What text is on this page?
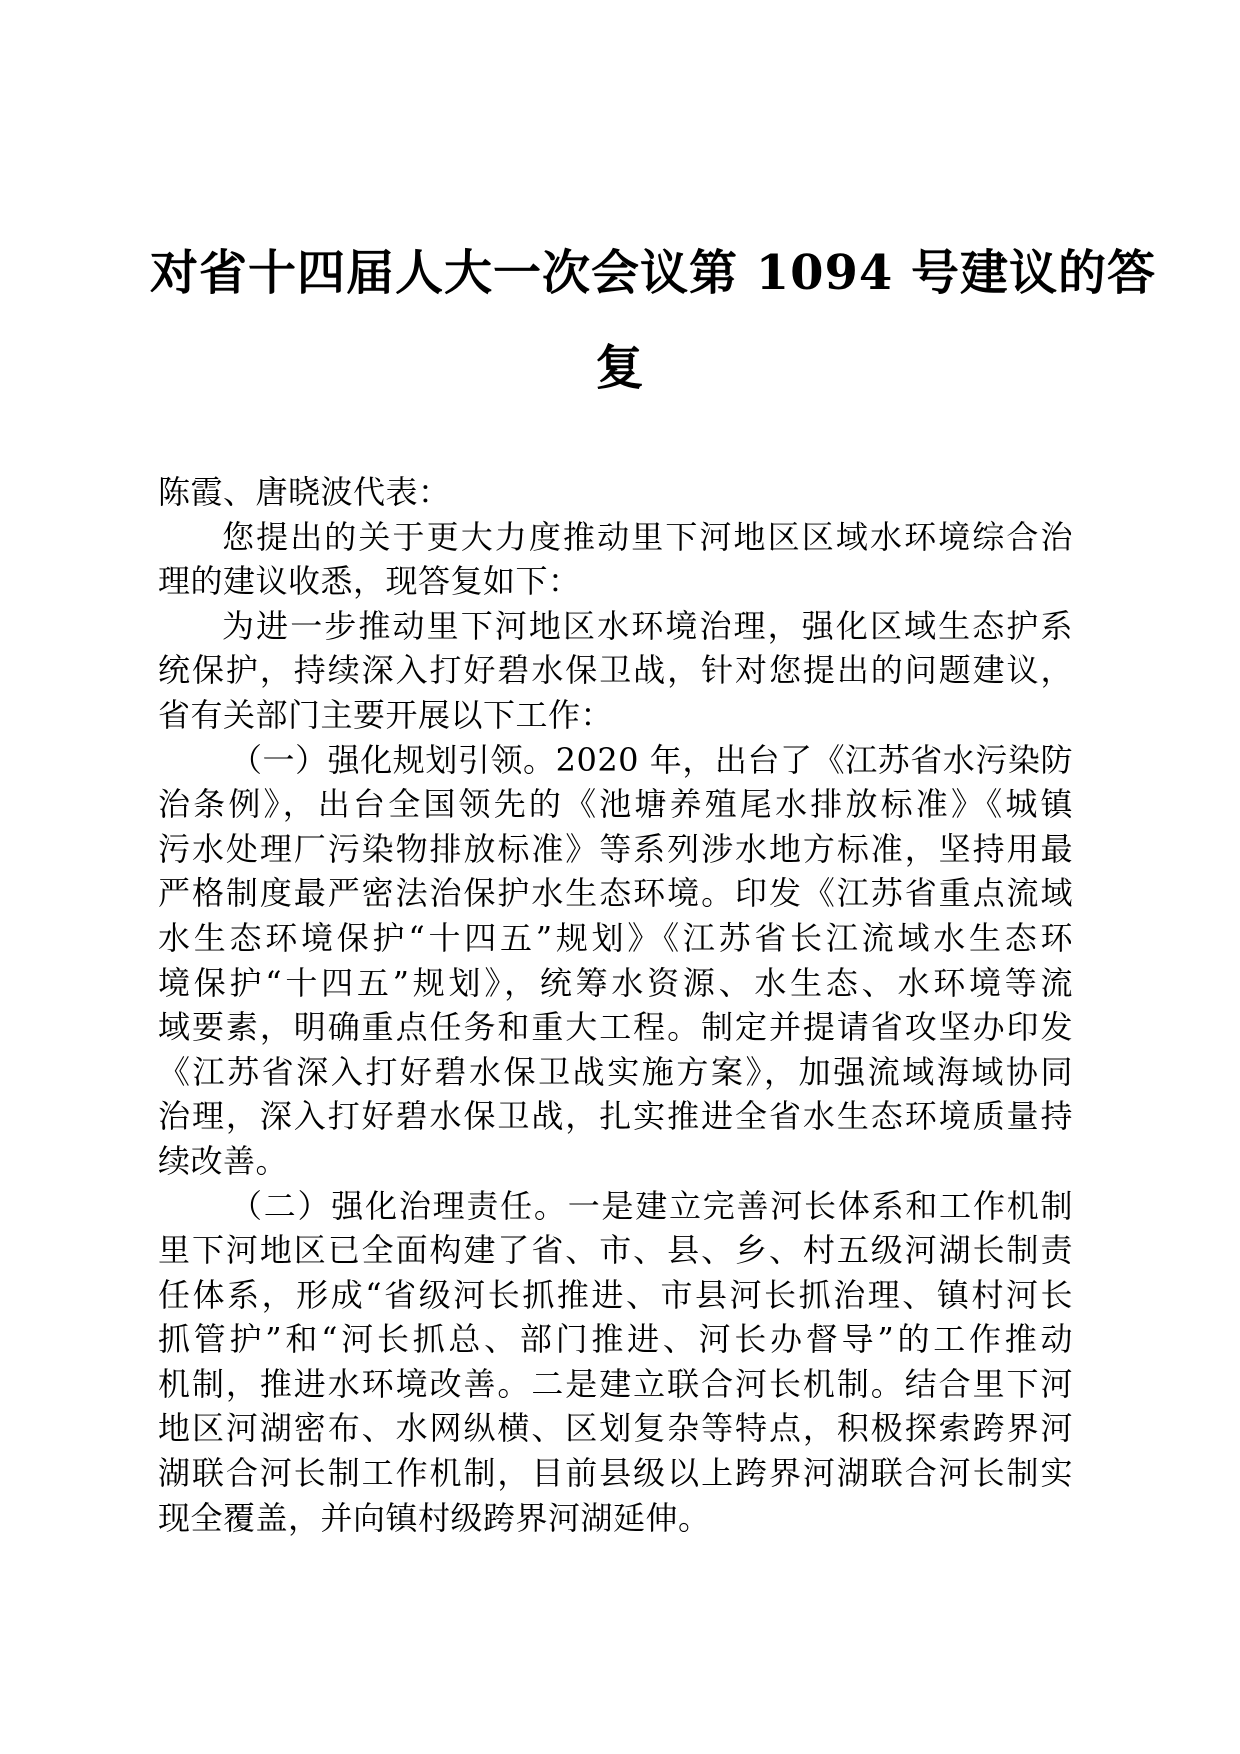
对省十四届人大一次会议第 1094 号建议的答
复
陈霞、唐晓波代表：
您提出的关于更大力度推动里下河地区区域水环境综合治
理的建议收悉，现答复如下：
为进一步推动里下河地区水环境治理，强化区域生态护系
统保护，持续深入打好碧水保卫战，针对您提出的问题建议，
省有关部门主要开展以下工作：
（一）强化规划引领。2020 年，出台了《江苏省水污染防
治条例》，出台全国领先的《池塘养殖尾水排放标准》《城镇
污水处理厂污染物排放标准》等系列涉水地方标准，坚持用最
严格制度最严密法治保护水生态环境。印发《江苏省重点流域
水生态环境保护“十四五”规划》《江苏省长江流域水生态环
境保护“十四五”规划》，统筹水资源、水生态、水环境等流
域要素，明确重点任务和重大工程。制定并提请省攻坚办印发
《江苏省深入打好碧水保卫战实施方案》，加强流域海域协同
治理，深入打好碧水保卫战，扎实推进全省水生态环境质量持
续改善。
（二）强化治理责任。一是建立完善河长体系和工作机制
里下河地区已全面构建了省、市、县、乡、村五级河湖长制责
任体系，形成“省级河长抓推进、市县河长抓治理、镇村河长
抓管护”和“河长抓总、部门推进、河长办督导”的工作推动
机制，推进水环境改善。二是建立联合河长机制。结合里下河
地区河湖密布、水网纵横、区划复杂等特点，积极探索跨界河
湖联合河长制工作机制，目前县级以上跨界河湖联合河长制实
现全覆盖，并向镇村级跨界河湖延伸。
